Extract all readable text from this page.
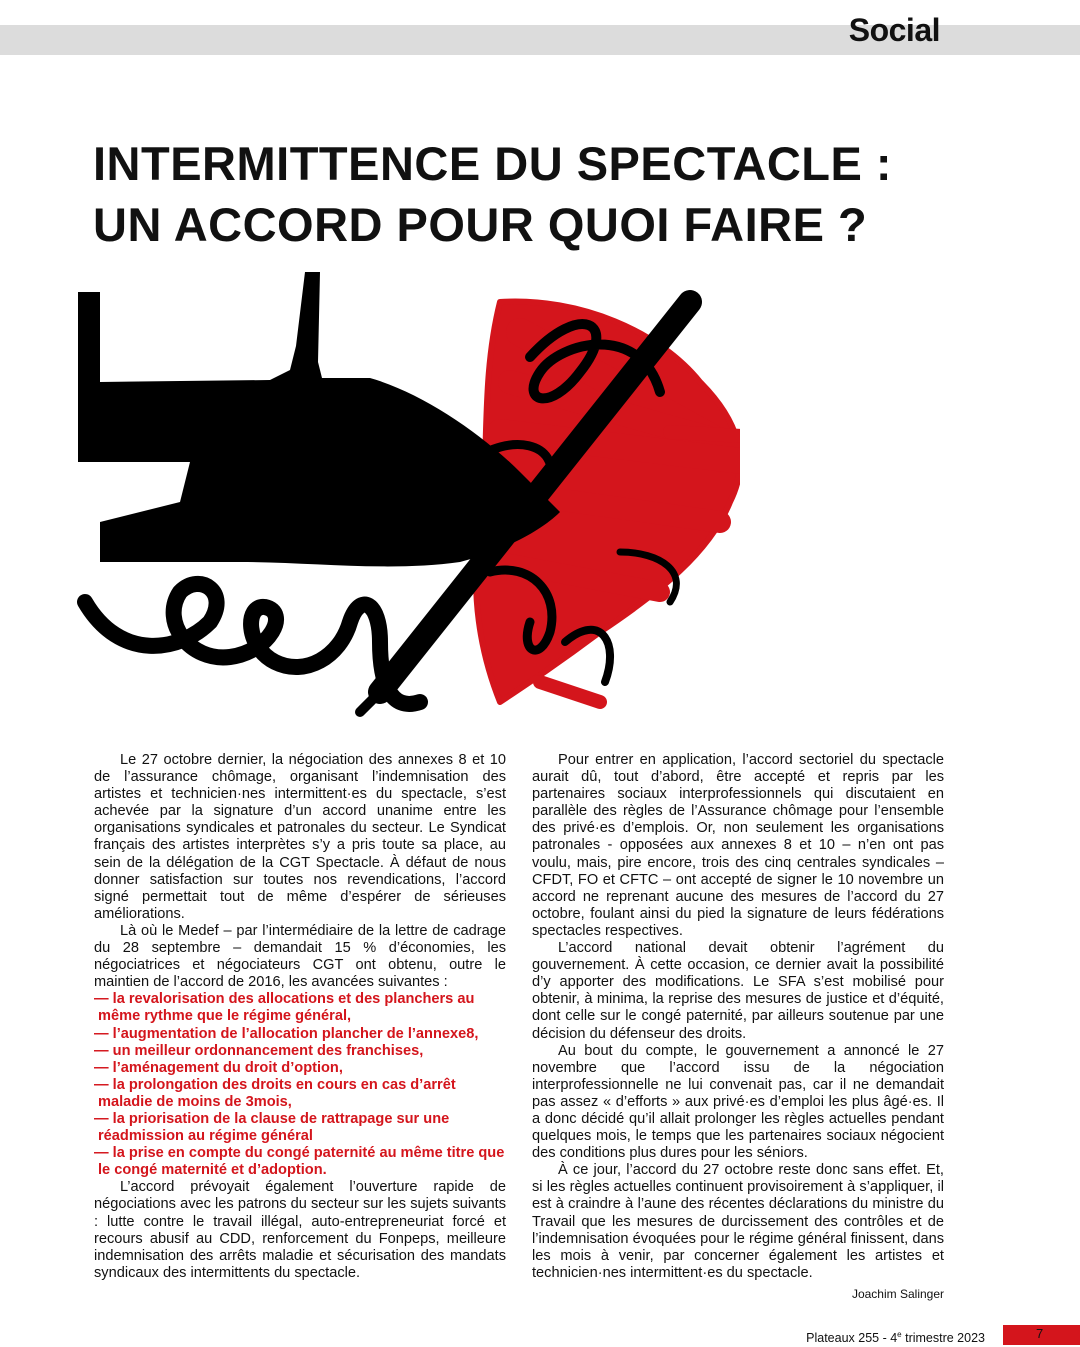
Social
INTERMITTENCE DU SPECTACLE :
UN ACCORD POUR QUOI FAIRE ?

Le 27 octobre dernier, la négociation des annexes 8 et 10 de l’assurance chômage, organisant l’indemnisation des artistes et technicien·nes intermittent·es du spectacle, s’est achevée par la signature d’un accord unanime entre les organisations syndicales et patronales du secteur. Le Syndicat français des artistes interprètes s’y a pris toute sa place, au sein de la délégation de la CGT Spectacle. À défaut de nous donner satisfaction sur toutes nos revendications, l’accord signé permettait tout de même d’espérer de sérieuses améliorations.

Là où le Medef – par l’intermédiaire de la lettre de cadrage du 28 septembre – demandait 15 % d’économies, les négociatrices et négociateurs CGT ont obtenu, outre le maintien de l’accord de 2016, les avancées suivantes :

— la revalorisation des allocations et des planchers au même rythme que le régime général,
— l’augmentation de l’allocation plancher de l’annexe8,
— un meilleur ordonnancement des franchises,
— l’aménagement du droit d’option,
— la prolongation des droits en cours en cas d’arrêt maladie de moins de 3mois,
— la priorisation de la clause de rattrapage sur une réadmission au régime général
— la prise en compte du congé paternité au même titre que le congé maternité et d’adoption.

L’accord prévoyait également l’ouverture rapide de négociations avec les patrons du secteur sur les sujets suivants : lutte contre le travail illégal, auto-entrepreneuriat forcé et recours abusif au CDD, renforcement du Fonpeps, meilleure indemnisation des arrêts maladie et sécurisation des mandats syndicaux des intermittents du spectacle.

Pour entrer en application, l’accord sectoriel du spectacle aurait dû, tout d’abord, être accepté et repris par les partenaires sociaux interprofessionnels qui discutaient en parallèle des règles de l’Assurance chômage pour l’ensemble des privé·es d’emplois. Or, non seulement les organisations patronales - opposées aux annexes 8 et 10 – n’en ont pas voulu, mais, pire encore, trois des cinq centrales syndicales – CFDT, FO et CFTC – ont accepté de signer le 10 novembre un accord ne reprenant aucune des mesures de l’accord du 27 octobre, foulant ainsi du pied la signature de leurs fédérations spectacles respectives.

L’accord national devait obtenir l’agrément du gouvernement. À cette occasion, ce dernier avait la possibilité d’y apporter des modifications. Le SFA s’est mobilisé pour obtenir, à minima, la reprise des mesures de justice et d’équité, dont celle sur le congé paternité, par ailleurs soutenue par une décision du défenseur des droits.

Au bout du compte, le gouvernement a annoncé le 27 novembre que l’accord issu de la négociation interprofessionnelle ne lui convenait pas, car il ne demandait pas assez « d’efforts » aux privé·es d’emploi les plus âgé·es. Il a donc décidé qu’il allait prolonger les règles actuelles pendant quelques mois, le temps que les partenaires sociaux négocient des conditions plus dures pour les séniors.

À ce jour, l’accord du 27 octobre reste donc sans effet. Et, si les règles actuelles continuent provisoirement à s’appliquer, il est à craindre à l’aune des récentes déclarations du ministre du Travail que les mesures de durcissement des contrôles et de l’indemnisation évoquées pour le régime général finissent, dans les mois à venir, par concerner également les artistes et technicien·nes intermittent·es du spectacle.

Joachim Salinger
Plateaux 255 - 4e trimestre 2023	7
